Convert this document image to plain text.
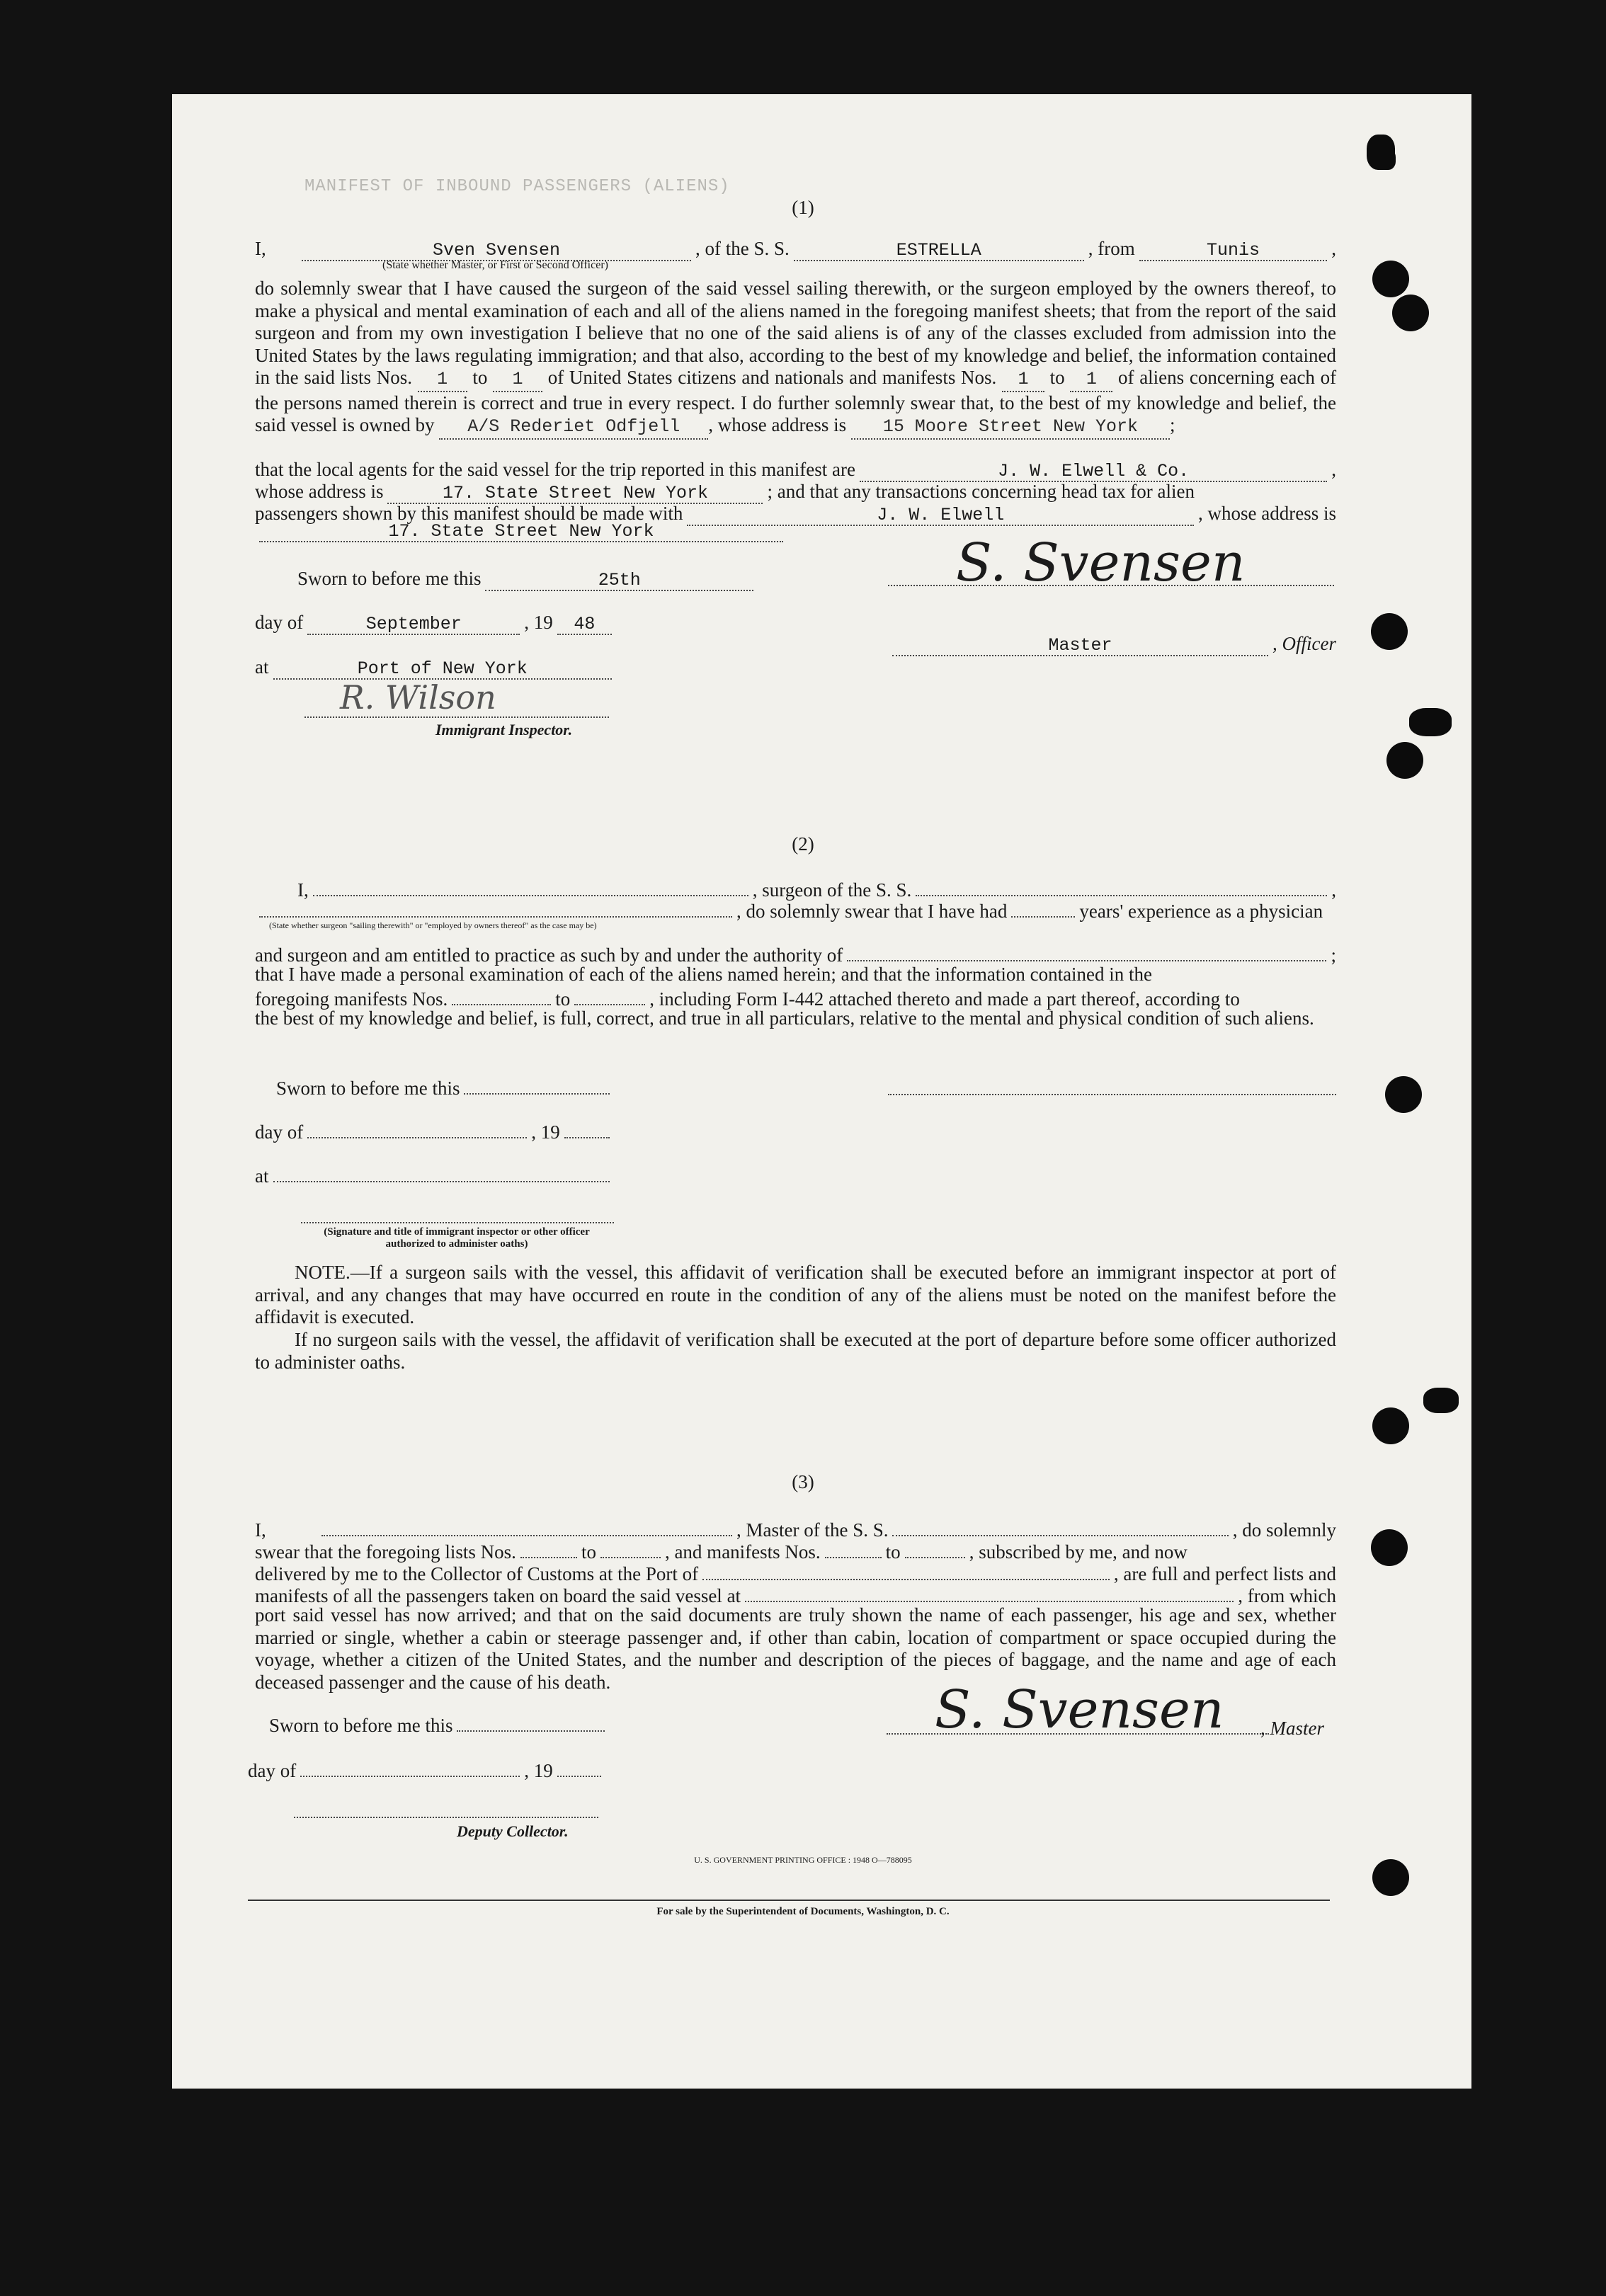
MANIFEST OF INBOUND PASSENGERS (ALIENS)
(1)
I,	Sven Svensen	, of the S. S.	ESTRELLA	, from	Tunis	,
(State whether Master, or First or Second Officer)

do solemnly swear that I have caused the surgeon of the said vessel sailing therewith, or the surgeon employed by the owners thereof, to make a physical and mental examination of each and all of the aliens named in the foregoing manifest sheets; that from the report of the said surgeon and from my own investigation I believe that no one of the said aliens is of any of the classes excluded from admission into the United States by the laws regulating immigration; and that also, according to the best of my knowledge and belief, the information contained in the said lists Nos. 1 to 1 of United States citizens and nationals and manifests Nos. 1 to 1 of aliens concerning each of the persons named therein is correct and true in every respect. I do further solemnly swear that, to the best of my knowledge and belief, the said vessel is owned by A/S Rederiet Odfjell , whose address is 15 Moore Street New York ;

that the local agents for the said vessel for the trip reported in this manifest are	J. W. Elwell & Co.	,
whose address is	17. State Street New York	; and that any transactions concerning head tax for alien
passengers shown by this manifest should be made with	J. W. Elwell	, whose address is
17. State Street New York
Sworn to before me this	25th
day of	September	, 19	48
at	Port of New York
R. Wilson
Immigrant Inspector.
S. Svensen
Master	, Officer
(2)
I,	, surgeon of the S. S.	,
, do solemnly swear that I have had	years' experience as a physician
(State whether surgeon "sailing therewith" or "employed by owners thereof" as the case may be)
and surgeon and am entitled to practice as such by and under the authority of	;

that I have made a personal examination of each of the aliens named herein; and that the information contained in the

foregoing manifests Nos.	to	, including Form I-442 attached thereto and made a part thereof, according to

the best of my knowledge and belief, is full, correct, and true in all particulars, relative to the mental and physical condition of such aliens.

Sworn to before me this
day of	, 19
at
(Signature and title of immigrant inspector or other officer authorized to administer oaths)

NOTE.—If a surgeon sails with the vessel, this affidavit of verification shall be executed before an immigrant inspector at port of arrival, and any changes that may have occurred en route in the condition of any of the aliens must be noted on the manifest before the affidavit is executed.

If no surgeon sails with the vessel, the affidavit of verification shall be executed at the port of departure before some officer authorized to administer oaths.

(3)
I,	, Master of the S. S.	, do solemnly
swear that the foregoing lists Nos.	to	, and manifests Nos.	to	, subscribed by me, and now
delivered by me to the Collector of Customs at the Port of	, are full and perfect lists and
manifests of all the passengers taken on board the said vessel at	, from which

port said vessel has now arrived; and that on the said documents are truly shown the name of each passenger, his age and sex, whether married or single, whether a cabin or steerage passenger and, if other than cabin, location of compartment or space occupied during the voyage, whether a citizen of the United States, and the number and description of the pieces of baggage, and the name and age of each deceased passenger and the cause of his death.

Sworn to before me this	S. Svensen , Master
day of	, 19
Deputy Collector.
U. S. GOVERNMENT PRINTING OFFICE : 1948 O—788095
For sale by the Superintendent of Documents, Washington, D. C.
